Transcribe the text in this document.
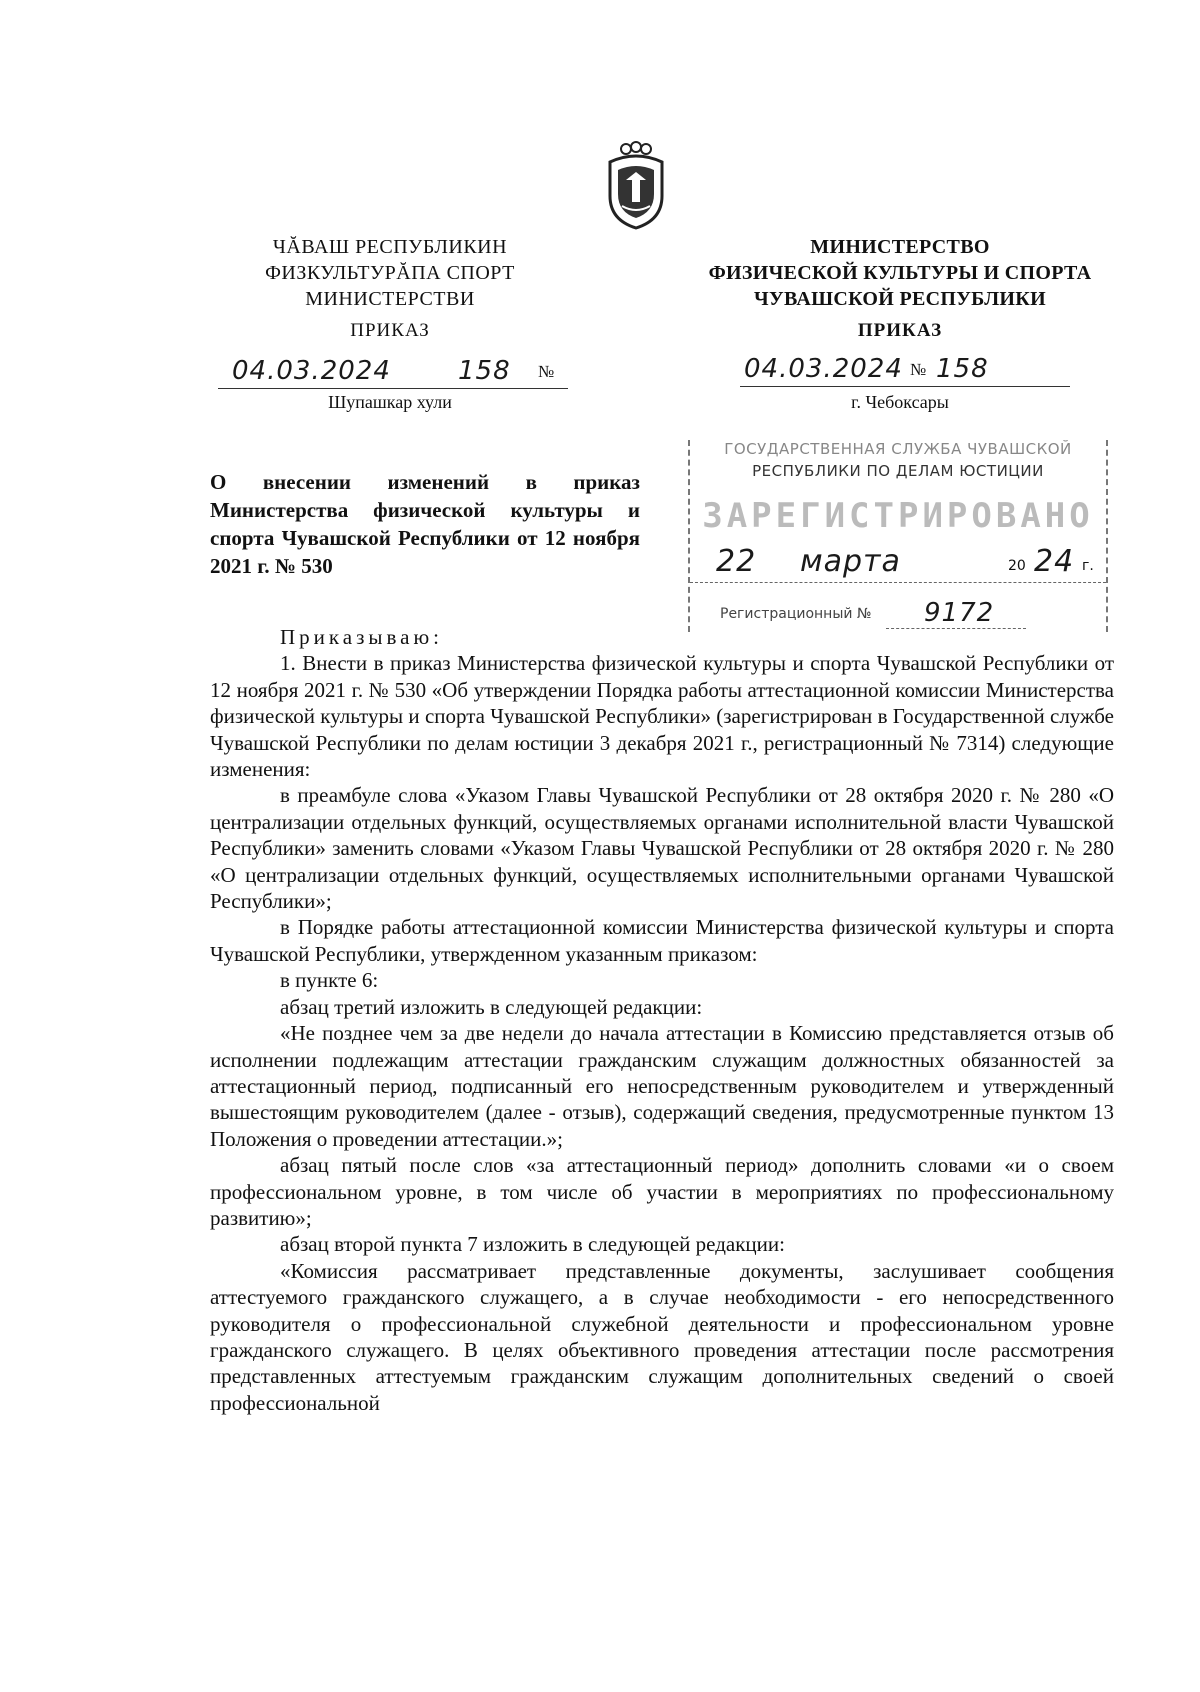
ЧĂВАШ РЕСПУБЛИКИН
ФИЗКУЛЬТУРĂПА СПОРТ
МИНИСТЕРСТВИ
ПРИКАЗ
04.03.2024	158 №
Шупашкар хули
МИНИСТЕРСТВО
ФИЗИЧЕСКОЙ КУЛЬТУРЫ И СПОРТА
ЧУВАШСКОЙ РЕСПУБЛИКИ
ПРИКАЗ
04.03.2024 № 158
г. Чебоксары
О внесении изменений в приказ Министерства физической культуры и спорта Чувашской Республики от 12 ноября 2021 г. № 530
ГОСУДАРСТВЕННАЯ СЛУЖБА ЧУВАШСКОЙ
РЕСПУБЛИКИ ПО ДЕЛАМ ЮСТИЦИИ
ЗАРЕГИСТРИРОВАНО
22 марта	20 24 г.
Регистрационный № 9172

Приказываю:

1. Внести в приказ Министерства физической культуры и спорта Чувашской Республики от 12 ноября 2021 г. № 530 «Об утверждении Порядка работы аттестационной комиссии Министерства физической культуры и спорта Чувашской Республики» (зарегистрирован в Государственной службе Чувашской Республики по делам юстиции 3 декабря 2021 г., регистрационный № 7314) следующие изменения:

в преамбуле слова «Указом Главы Чувашской Республики от 28 октября 2020 г. № 280 «О централизации отдельных функций, осуществляемых органами исполнительной власти Чувашской Республики» заменить словами «Указом Главы Чувашской Республики от 28 октября 2020 г. № 280 «О централизации отдельных функций, осуществляемых исполнительными органами Чувашской Республики»;

в Порядке работы аттестационной комиссии Министерства физической культуры и спорта Чувашской Республики, утвержденном указанным приказом:

в пункте 6:

абзац третий изложить в следующей редакции:

«Не позднее чем за две недели до начала аттестации в Комиссию представляется отзыв об исполнении подлежащим аттестации гражданским служащим должностных обязанностей за аттестационный период, подписанный его непосредственным руководителем и утвержденный вышестоящим руководителем (далее - отзыв), содержащий сведения, предусмотренные пунктом 13 Положения о проведении аттестации.»;

абзац пятый после слов «за аттестационный период» дополнить словами «и о своем профессиональном уровне, в том числе об участии в мероприятиях по профессиональному развитию»;

абзац второй пункта 7 изложить в следующей редакции:

«Комиссия рассматривает представленные документы, заслушивает сообщения аттестуемого гражданского служащего, а в случае необходимости - его непосредственного руководителя о профессиональной служебной деятельности и профессиональном уровне гражданского служащего. В целях объективного проведения аттестации после рассмотрения представленных аттестуемым гражданским служащим дополнительных сведений о своей профессиональной
